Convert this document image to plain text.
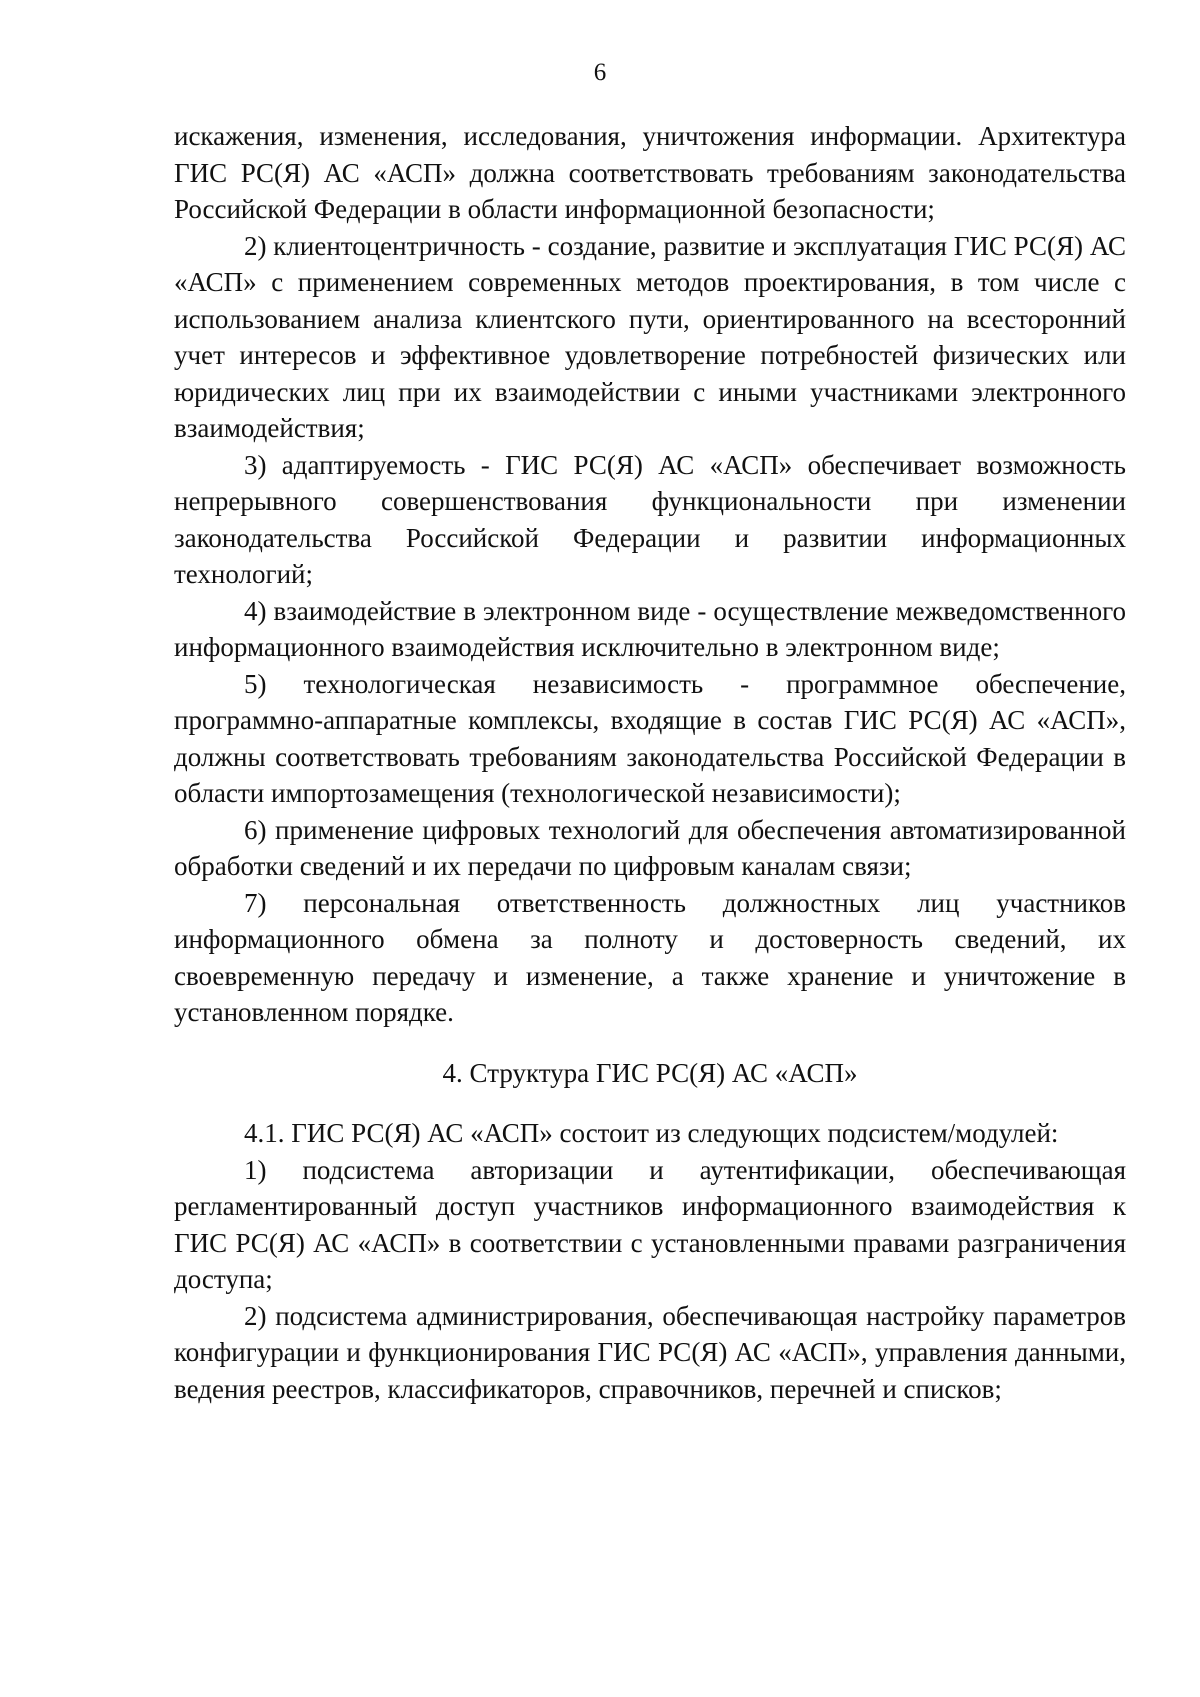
6

искажения, изменения, исследования, уничтожения информации. Архитектура ГИС РС(Я) АС «АСП» должна соответствовать требованиям законодательства Российской Федерации в области информационной безопасности;

2) клиентоцентричность - создание, развитие и эксплуатация ГИС РС(Я) АС «АСП» с применением современных методов проектирования, в том числе с использованием анализа клиентского пути, ориентированного на всесторонний учет интересов и эффективное удовлетворение потребностей физических или юридических лиц при их взаимодействии с иными участниками электронного взаимодействия;

3) адаптируемость - ГИС РС(Я) АС «АСП» обеспечивает возможность непрерывного совершенствования функциональности при изменении законодательства Российской Федерации и развитии информационных технологий;

4) взаимодействие в электронном виде - осуществление межведомственного информационного взаимодействия исключительно в электронном виде;

5) технологическая независимость - программное обеспечение, программно-аппаратные комплексы, входящие в состав ГИС РС(Я) АС «АСП», должны соответствовать требованиям законодательства Российской Федерации в области импортозамещения (технологической независимости);

6) применение цифровых технологий для обеспечения автоматизированной обработки сведений и их передачи по цифровым каналам связи;

7) персональная ответственность должностных лиц участников информационного обмена за полноту и достоверность сведений, их своевременную передачу и изменение, а также хранение и уничтожение в установленном порядке.

4. Структура ГИС РС(Я) АС «АСП»

4.1. ГИС РС(Я) АС «АСП» состоит из следующих подсистем/модулей:

1) подсистема авторизации и аутентификации, обеспечивающая регламентированный доступ участников информационного взаимодействия к ГИС РС(Я) АС «АСП» в соответствии с установленными правами разграничения доступа;

2) подсистема администрирования, обеспечивающая настройку параметров конфигурации и функционирования ГИС РС(Я) АС «АСП», управления данными, ведения реестров, классификаторов, справочников, перечней и списков;
